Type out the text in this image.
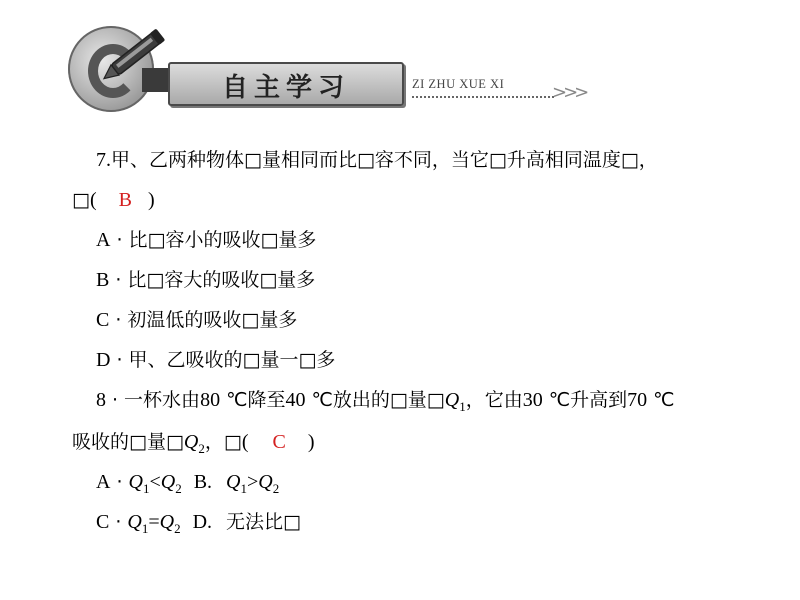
自主学习	ZI ZHU XUE XI	>>>
7.甲、乙两种物体□量相同而比□容不同，当它□升高相同温度□，
□( B )
A · 比□容小的吸收□量多
B · 比□容大的吸收□量多
C · 初温低的吸收□量多
D · 甲、乙吸收的□量一□多
8 · 一杯水由80 ℃降至40 ℃放出的□量$□Q_1$，它由30 ℃升高到70 ℃
吸收的□量$□Q_2$，□( C )
$A \cdot Q_1<Q_2$ B. $Q_1>Q_2$
$C \cdot Q_1=Q_2$ D. 无法比□
